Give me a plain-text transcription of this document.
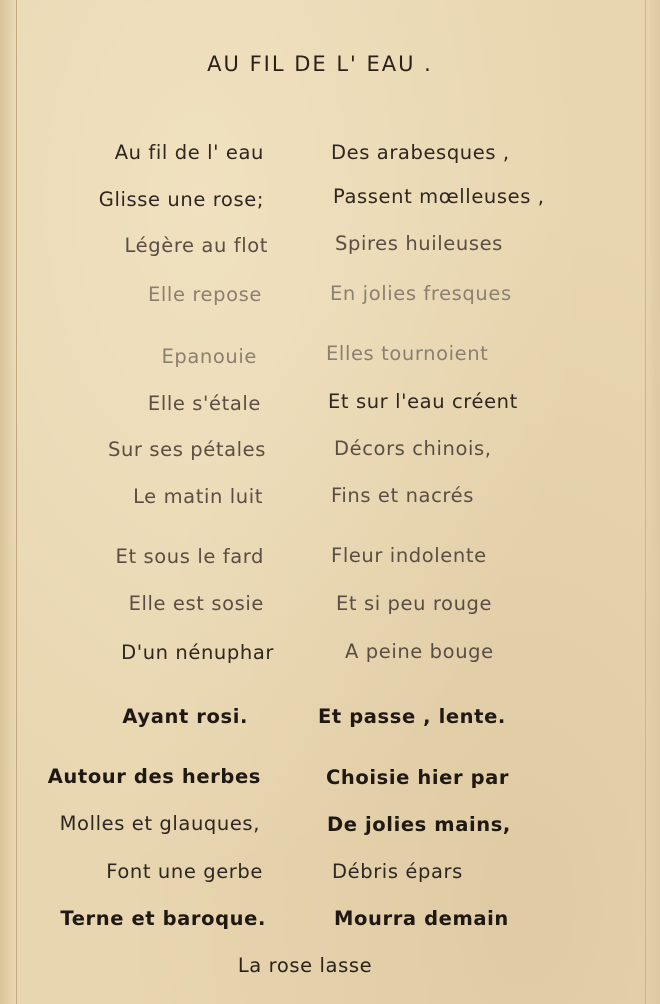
AU FIL DE L' EAU .
Au fil de l' eau
Glisse une rose;
Légère au flot
Elle repose
Des arabesques ,
Passent mœlleuses ,
Spires huileuses
En jolies fresques
Epanouie
Elle s'étale
Sur ses pétales
Le matin luit
Elles tournoient
Et sur l'eau créent
Décors chinois,
Fins et nacrés
Et sous le fard
Elle est sosie
D'un nénuphar
Ayant rosi.
Fleur indolente
Et si peu rouge
A peine bouge
Et passe , lente.
Autour des herbes
Molles et glauques,
Font une gerbe
Terne et baroque.
Choisie hier par
De jolies mains,
Débris épars
Mourra demain
La rose lasse
